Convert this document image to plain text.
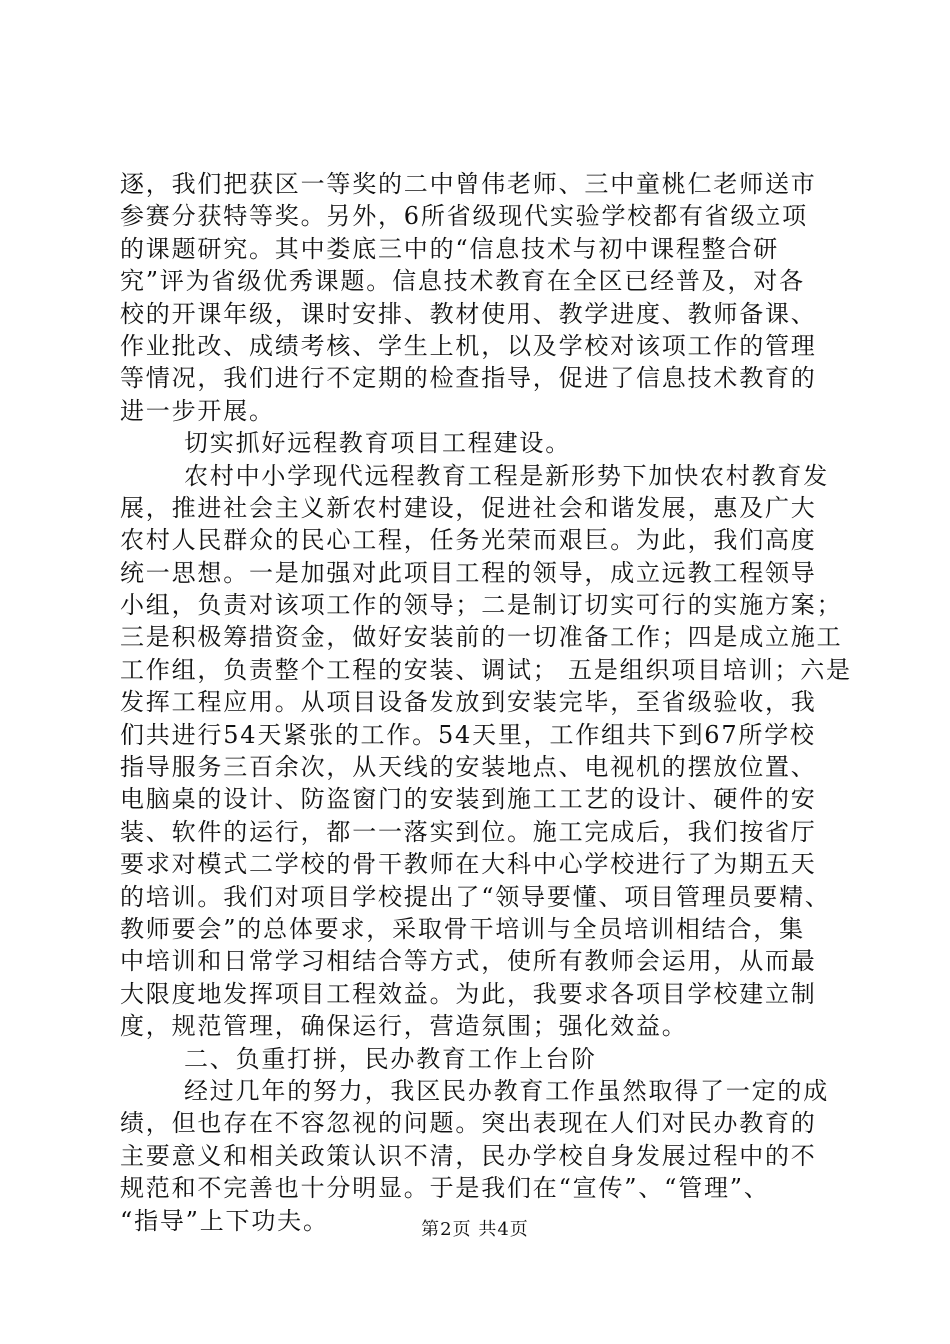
逐，我们把获区一等奖的二中曾伟老师、三中童桃仁老师送市
参赛分获特等奖。另外，6所省级现代实验学校都有省级立项
的课题研究。其中娄底三中的“信息技术与初中课程整合研
究”评为省级优秀课题。信息技术教育在全区已经普及，对各
校的开课年级，课时安排、教材使用、教学进度、教师备课、
作业批改、成绩考核、学生上机，以及学校对该项工作的管理
等情况，我们进行不定期的检查指导，促进了信息技术教育的
进一步开展。
切实抓好远程教育项目工程建设。
农村中小学现代远程教育工程是新形势下加快农村教育发
展，推进社会主义新农村建设，促进社会和谐发展，惠及广大
农村人民群众的民心工程，任务光荣而艰巨。为此，我们高度
统一思想。一是加强对此项目工程的领导，成立远教工程领导
小组，负责对该项工作的领导；二是制订切实可行的实施方案；
三是积极筹措资金，做好安装前的一切准备工作；四是成立施工
工作组，负责整个工程的安装、调试； 五是组织项目培训；六是
发挥工程应用。从项目设备发放到安装完毕，至省级验收，我
们共进行54天紧张的工作。54天里，工作组共下到67所学校
指导服务三百余次，从天线的安装地点、电视机的摆放位置、
电脑桌的设计、防盗窗门的安装到施工工艺的设计、硬件的安
装、软件的运行，都一一落实到位。施工完成后，我们按省厅
要求对模式二学校的骨干教师在大科中心学校进行了为期五天
的培训。我们对项目学校提出了“领导要懂、项目管理员要精、
教师要会”的总体要求，采取骨干培训与全员培训相结合，集
中培训和日常学习相结合等方式，使所有教师会运用，从而最
大限度地发挥项目工程效益。为此，我要求各项目学校建立制
度，规范管理，确保运行，营造氛围；强化效益。
二、负重打拼，民办教育工作上台阶
经过几年的努力，我区民办教育工作虽然取得了一定的成
绩，但也存在不容忽视的问题。突出表现在人们对民办教育的
主要意义和相关政策认识不清，民办学校自身发展过程中的不
规范和不完善也十分明显。于是我们在“宣传”、“管理”、
“指导”上下功夫。	第2页 共4页
